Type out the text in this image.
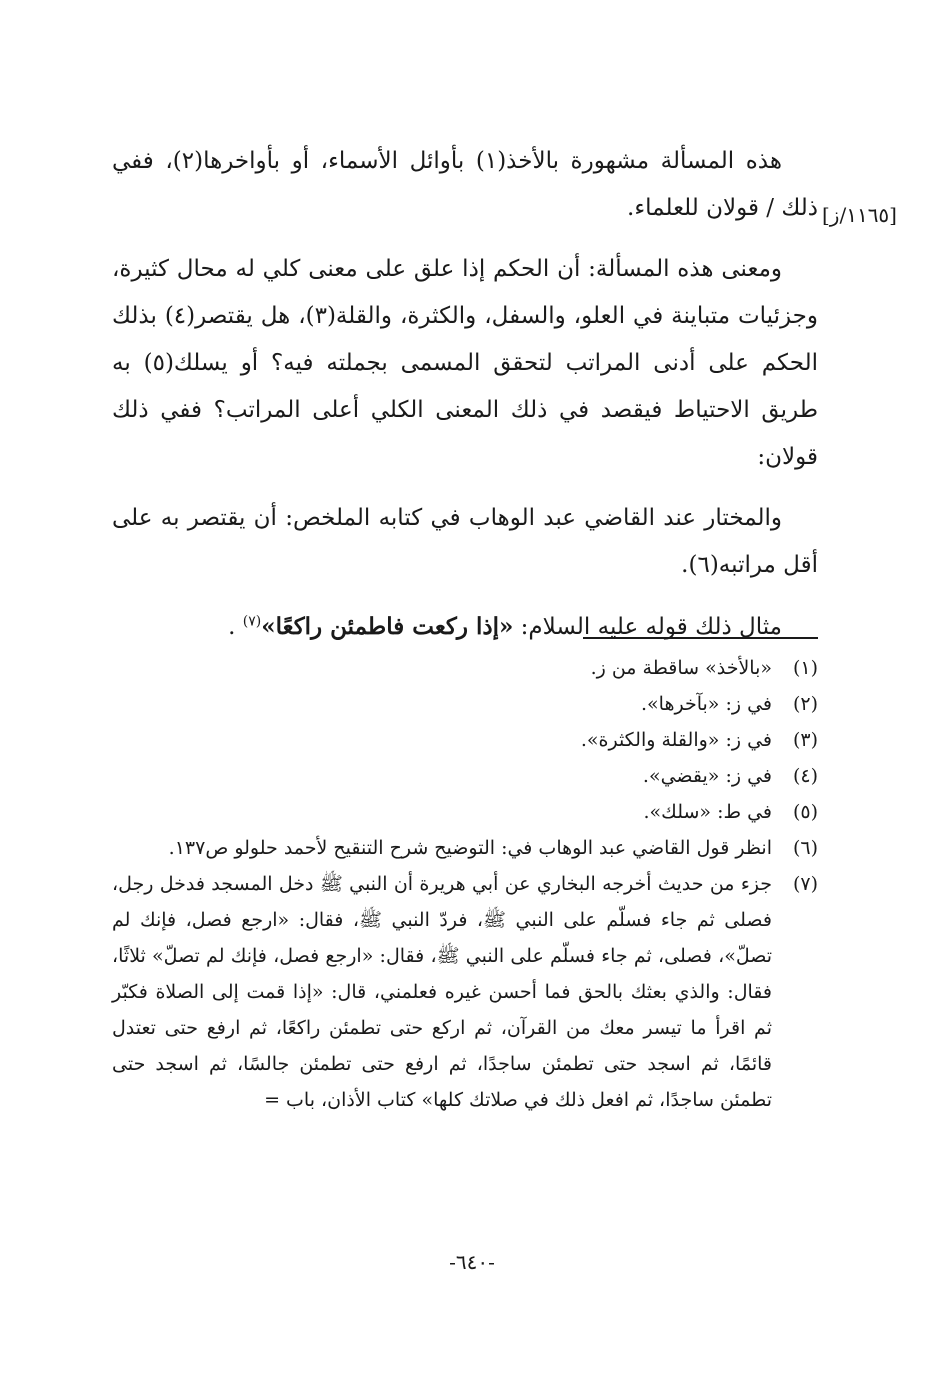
[١١٦٥/ز]

هذه المسألة مشهورة بالأخذ(١) بأوائل الأسماء، أو بأواخرها(٢)، ففي ذلك / قولان للعلماء.

ومعنى هذه المسألة: أن الحكم إذا علق على معنى كلي له محال كثيرة، وجزئيات متباينة في العلو، والسفل، والكثرة، والقلة(٣)، هل يقتصر(٤) بذلك الحكم على أدنى المراتب لتحقق المسمى بجملته فيه؟ أو يسلك(٥) به طريق الاحتياط فيقصد في ذلك المعنى الكلي أعلى المراتب؟ ففي ذلك قولان:

والمختار عند القاضي عبد الوهاب في كتابه الملخص: أن يقتصر به على أقل مراتبه(٦).

مثال ذلك قوله عليه السلام: «إذا ركعت فاطمئن راكعًا»$^{(٧)}$ .

(١)
«بالأخذ» ساقطة من ز.
(٢)
في ز: «بآخرها».
(٣)
في ز: «والقلة والكثرة».
(٤)
في ز: «يقضي».
(٥)
في ط: «سلك».
(٦)
انظر قول القاضي عبد الوهاب في: التوضيح شرح التنقيح لأحمد حلولو ص١٣٧.
(٧)
جزء من حديث أخرجه البخاري عن أبي هريرة أن النبي ﷺ دخل المسجد فدخل رجل، فصلى ثم جاء فسلّم على النبي ﷺ، فردّ النبي ﷺ، فقال: «ارجع فصل، فإنك لم تصلّ»، فصلى، ثم جاء فسلّم على النبي ﷺ، فقال: «ارجع فصل، فإنك لم تصلّ» ثلاثًا، فقال: والذي بعثك بالحق فما أحسن غيره فعلمني، قال: «إذا قمت إلى الصلاة فكبّر ثم اقرأ ما تيسر معك من القرآن، ثم اركع حتى تطمئن راكعًا، ثم ارفع حتى تعتدل قائمًا، ثم اسجد حتى تطمئن ساجدًا، ثم ارفع حتى تطمئن جالسًا، ثم اسجد حتى تطمئن ساجدًا، ثم افعل ذلك في صلاتك كلها» كتاب الأذان، باب =
-٦٤٠-
